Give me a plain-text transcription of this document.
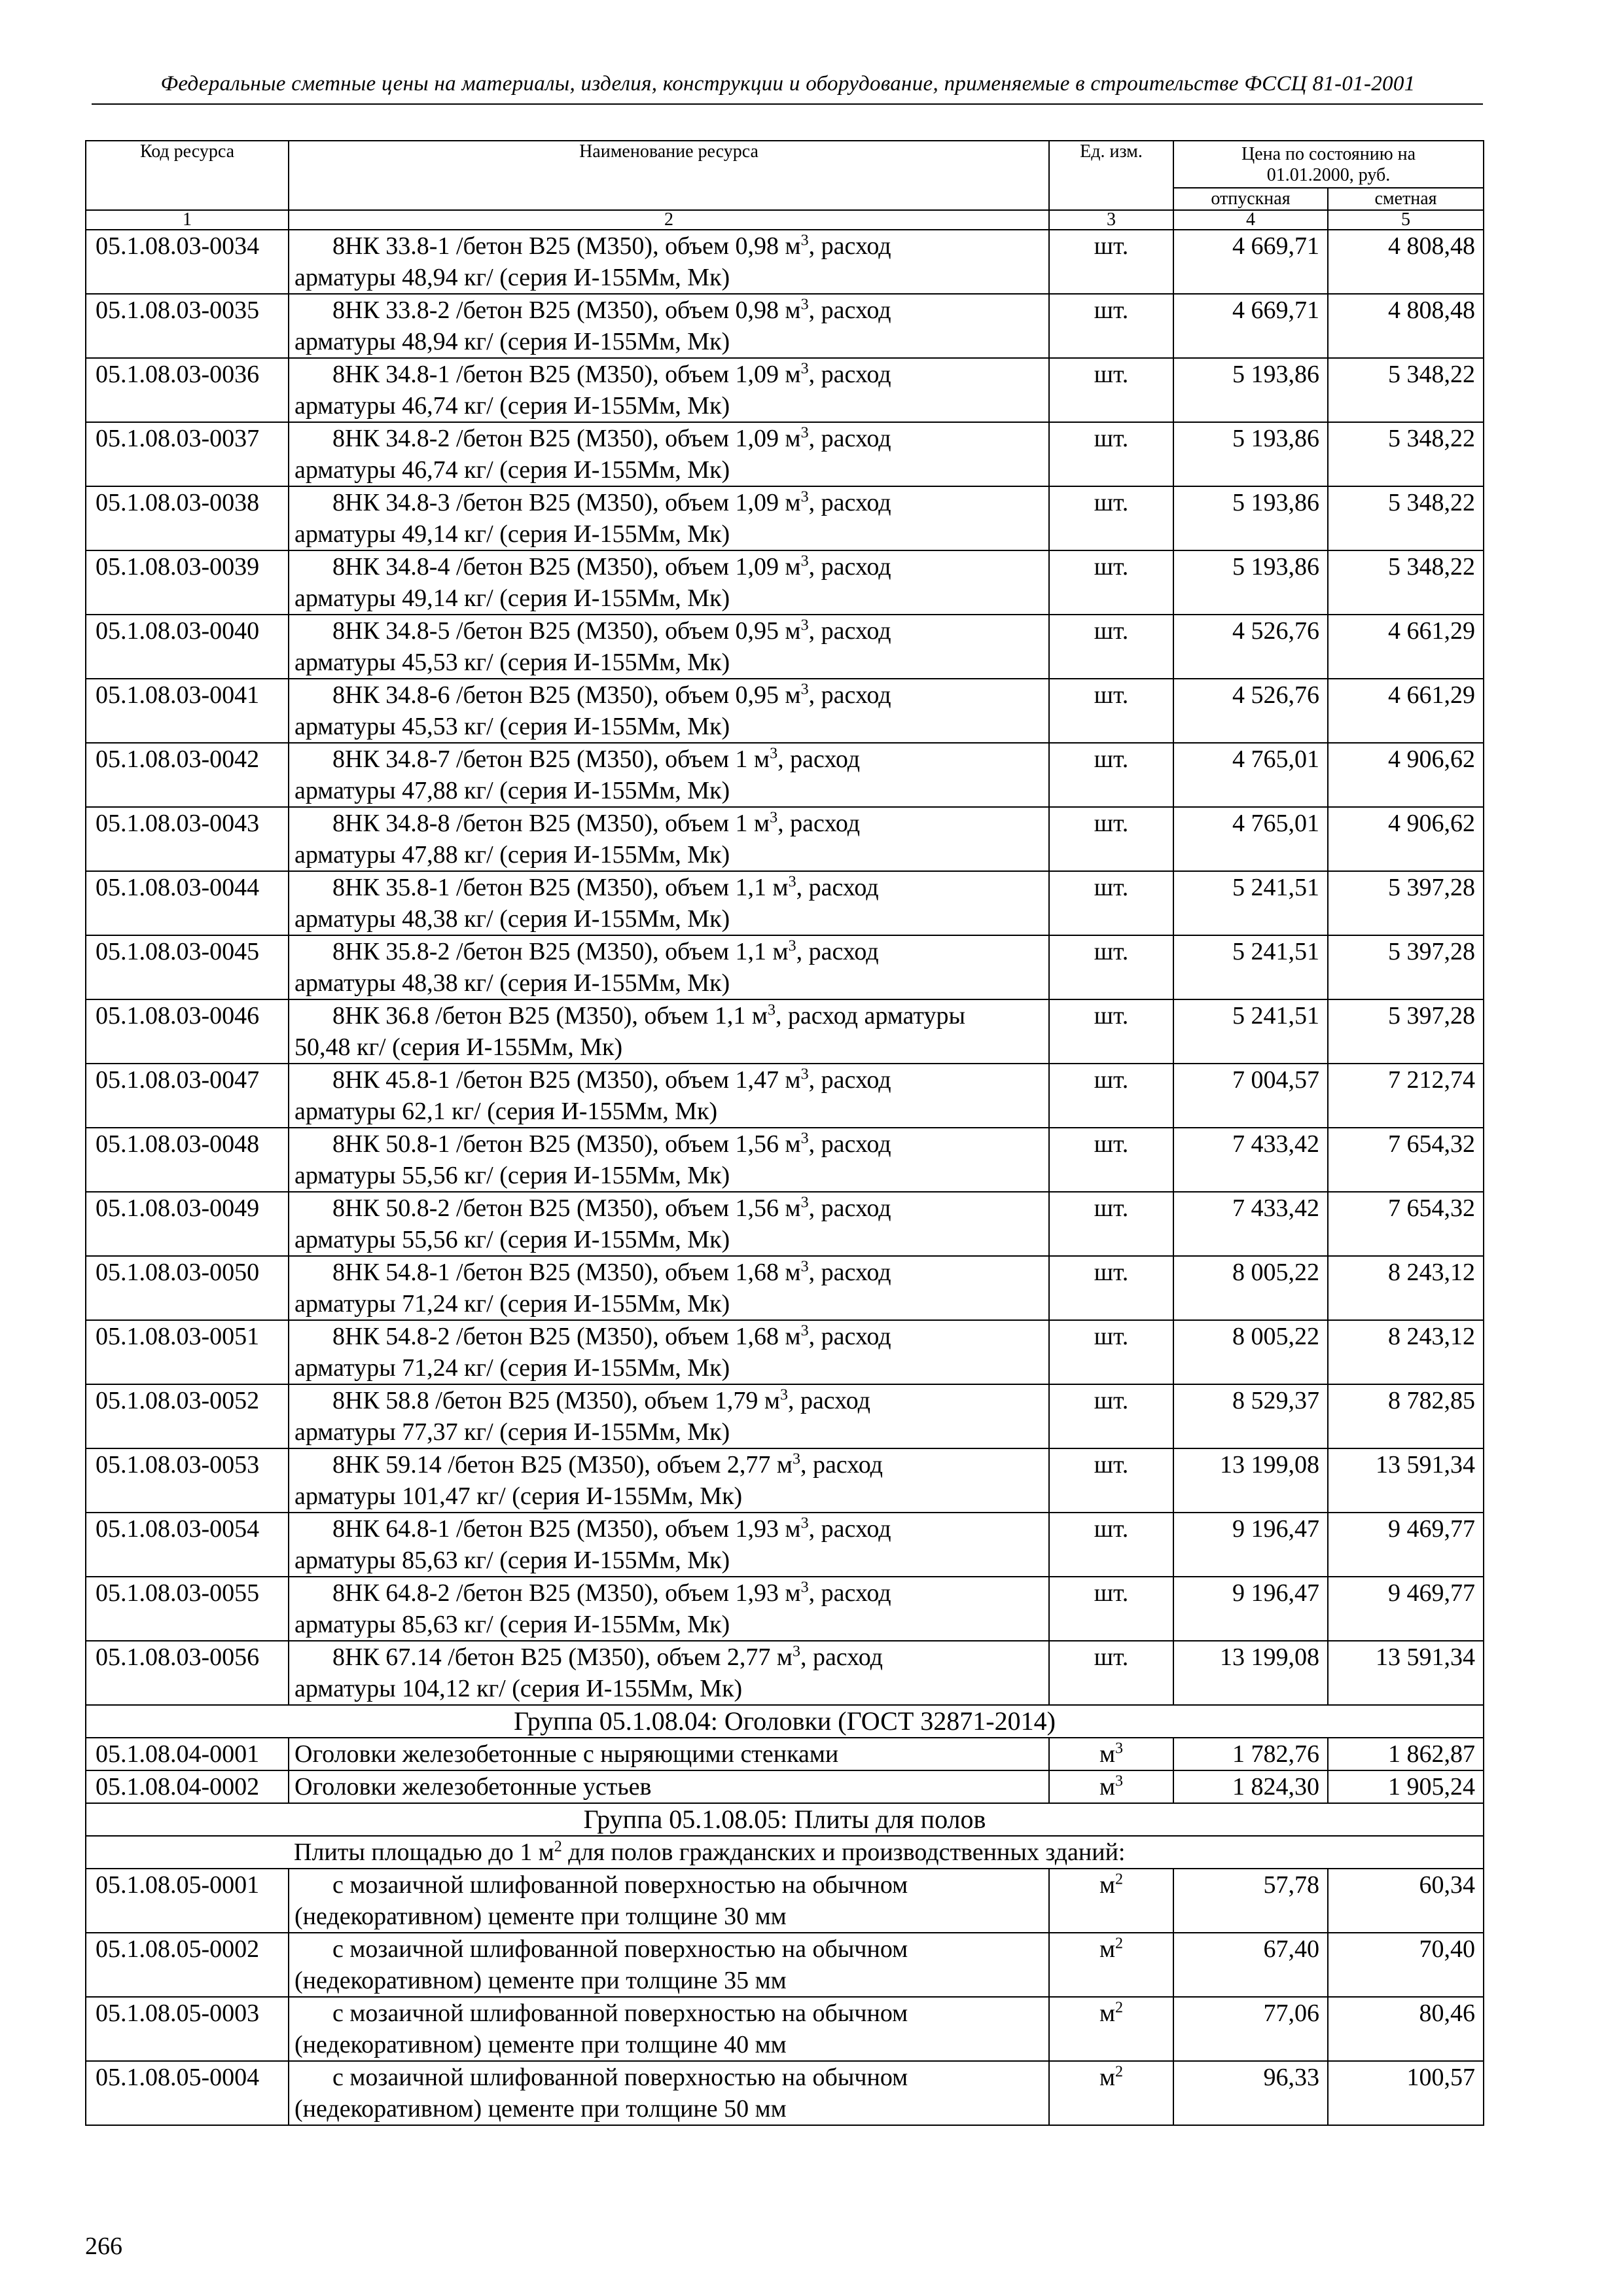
Федеральные сметные цены на материалы, изделия, конструкции и оборудование, применяемые в строительстве ФССЦ 81-01-2001
Код ресурса	Наименование ресурса	Ед. изм.	Цена по состоянию на 01.01.2000, руб.	
			отпускная	сметная
1	2	3	4	5
05.1.08.03-0034	8НК 33.8-1 /бетон В25 (М350), объем 0,98 $м^3$, расход
арматуры 48,94 кг/ (серия И-155Мм, Мк)	шт.	4 669,71	4 808,48
05.1.08.03-0035	8НК 33.8-2 /бетон В25 (М350), объем 0,98 $м^3$, расход
арматуры 48,94 кг/ (серия И-155Мм, Мк)	шт.	4 669,71	4 808,48
05.1.08.03-0036	8НК 34.8-1 /бетон В25 (М350), объем 1,09 $м^3$, расход
арматуры 46,74 кг/ (серия И-155Мм, Мк)	шт.	5 193,86	5 348,22
05.1.08.03-0037	8НК 34.8-2 /бетон В25 (М350), объем 1,09 $м^3$, расход
арматуры 46,74 кг/ (серия И-155Мм, Мк)	шт.	5 193,86	5 348,22
05.1.08.03-0038	8НК 34.8-3 /бетон В25 (М350), объем 1,09 $м^3$, расход
арматуры 49,14 кг/ (серия И-155Мм, Мк)	шт.	5 193,86	5 348,22
05.1.08.03-0039	8НК 34.8-4 /бетон В25 (М350), объем 1,09 $м^3$, расход
арматуры 49,14 кг/ (серия И-155Мм, Мк)	шт.	5 193,86	5 348,22
05.1.08.03-0040	8НК 34.8-5 /бетон В25 (М350), объем 0,95 $м^3$, расход
арматуры 45,53 кг/ (серия И-155Мм, Мк)	шт.	4 526,76	4 661,29
05.1.08.03-0041	8НК 34.8-6 /бетон В25 (М350), объем 0,95 $м^3$, расход
арматуры 45,53 кг/ (серия И-155Мм, Мк)	шт.	4 526,76	4 661,29
05.1.08.03-0042	8НК 34.8-7 /бетон В25 (М350), объем 1 $м^3$, расход
арматуры 47,88 кг/ (серия И-155Мм, Мк)	шт.	4 765,01	4 906,62
05.1.08.03-0043	8НК 34.8-8 /бетон В25 (М350), объем 1 $м^3$, расход
арматуры 47,88 кг/ (серия И-155Мм, Мк)	шт.	4 765,01	4 906,62
05.1.08.03-0044	8НК 35.8-1 /бетон В25 (М350), объем 1,1 $м^3$, расход
арматуры 48,38 кг/ (серия И-155Мм, Мк)	шт.	5 241,51	5 397,28
05.1.08.03-0045	8НК 35.8-2 /бетон В25 (М350), объем 1,1 $м^3$, расход
арматуры 48,38 кг/ (серия И-155Мм, Мк)	шт.	5 241,51	5 397,28
05.1.08.03-0046	8НК 36.8 /бетон В25 (М350), объем 1,1 $м^3$, расход арматуры
50,48 кг/ (серия И-155Мм, Мк)	шт.	5 241,51	5 397,28
05.1.08.03-0047	8НК 45.8-1 /бетон В25 (М350), объем 1,47 $м^3$, расход
арматуры 62,1 кг/ (серия И-155Мм, Мк)	шт.	7 004,57	7 212,74
05.1.08.03-0048	8НК 50.8-1 /бетон В25 (М350), объем 1,56 $м^3$, расход
арматуры 55,56 кг/ (серия И-155Мм, Мк)	шт.	7 433,42	7 654,32
05.1.08.03-0049	8НК 50.8-2 /бетон В25 (М350), объем 1,56 $м^3$, расход
арматуры 55,56 кг/ (серия И-155Мм, Мк)	шт.	7 433,42	7 654,32
05.1.08.03-0050	8НК 54.8-1 /бетон В25 (М350), объем 1,68 $м^3$, расход
арматуры 71,24 кг/ (серия И-155Мм, Мк)	шт.	8 005,22	8 243,12
05.1.08.03-0051	8НК 54.8-2 /бетон В25 (М350), объем 1,68 $м^3$, расход
арматуры 71,24 кг/ (серия И-155Мм, Мк)	шт.	8 005,22	8 243,12
05.1.08.03-0052	8НК 58.8 /бетон В25 (М350), объем 1,79 $м^3$, расход
арматуры 77,37 кг/ (серия И-155Мм, Мк)	шт.	8 529,37	8 782,85
05.1.08.03-0053	8НК 59.14 /бетон В25 (М350), объем 2,77 $м^3$, расход
арматуры 101,47 кг/ (серия И-155Мм, Мк)	шт.	13 199,08	13 591,34
05.1.08.03-0054	8НК 64.8-1 /бетон В25 (М350), объем 1,93 $м^3$, расход
арматуры 85,63 кг/ (серия И-155Мм, Мк)	шт.	9 196,47	9 469,77
05.1.08.03-0055	8НК 64.8-2 /бетон В25 (М350), объем 1,93 $м^3$, расход
арматуры 85,63 кг/ (серия И-155Мм, Мк)	шт.	9 196,47	9 469,77
05.1.08.03-0056	8НК 67.14 /бетон В25 (М350), объем 2,77 $м^3$, расход
арматуры 104,12 кг/ (серия И-155Мм, Мк)	шт.	13 199,08	13 591,34
Группа 05.1.08.04: Оголовки (ГОСТ 32871-2014)				
05.1.08.04-0001	Оголовки железобетонные с ныряющими стенками	$м^3$	1 782,76	1 862,87
05.1.08.04-0002	Оголовки железобетонные устьев	$м^3$	1 824,30	1 905,24
Группа 05.1.08.05: Плиты для полов				
	Плиты площадью до 1 $м^2$ для полов гражданских и производственных зданий:			
05.1.08.05-0001	с мозаичной шлифованной поверхностью на обычном
(недекоративном) цементе при толщине 30 мм	$м^2$	57,78	60,34
05.1.08.05-0002	с мозаичной шлифованной поверхностью на обычном
(недекоративном) цементе при толщине 35 мм	$м^2$	67,40	70,40
05.1.08.05-0003	с мозаичной шлифованной поверхностью на обычном
(недекоративном) цементе при толщине 40 мм	$м^2$	77,06	80,46
05.1.08.05-0004	с мозаичной шлифованной поверхностью на обычном
(недекоративном) цементе при толщине 50 мм	$м^2$	96,33	100,57
266
